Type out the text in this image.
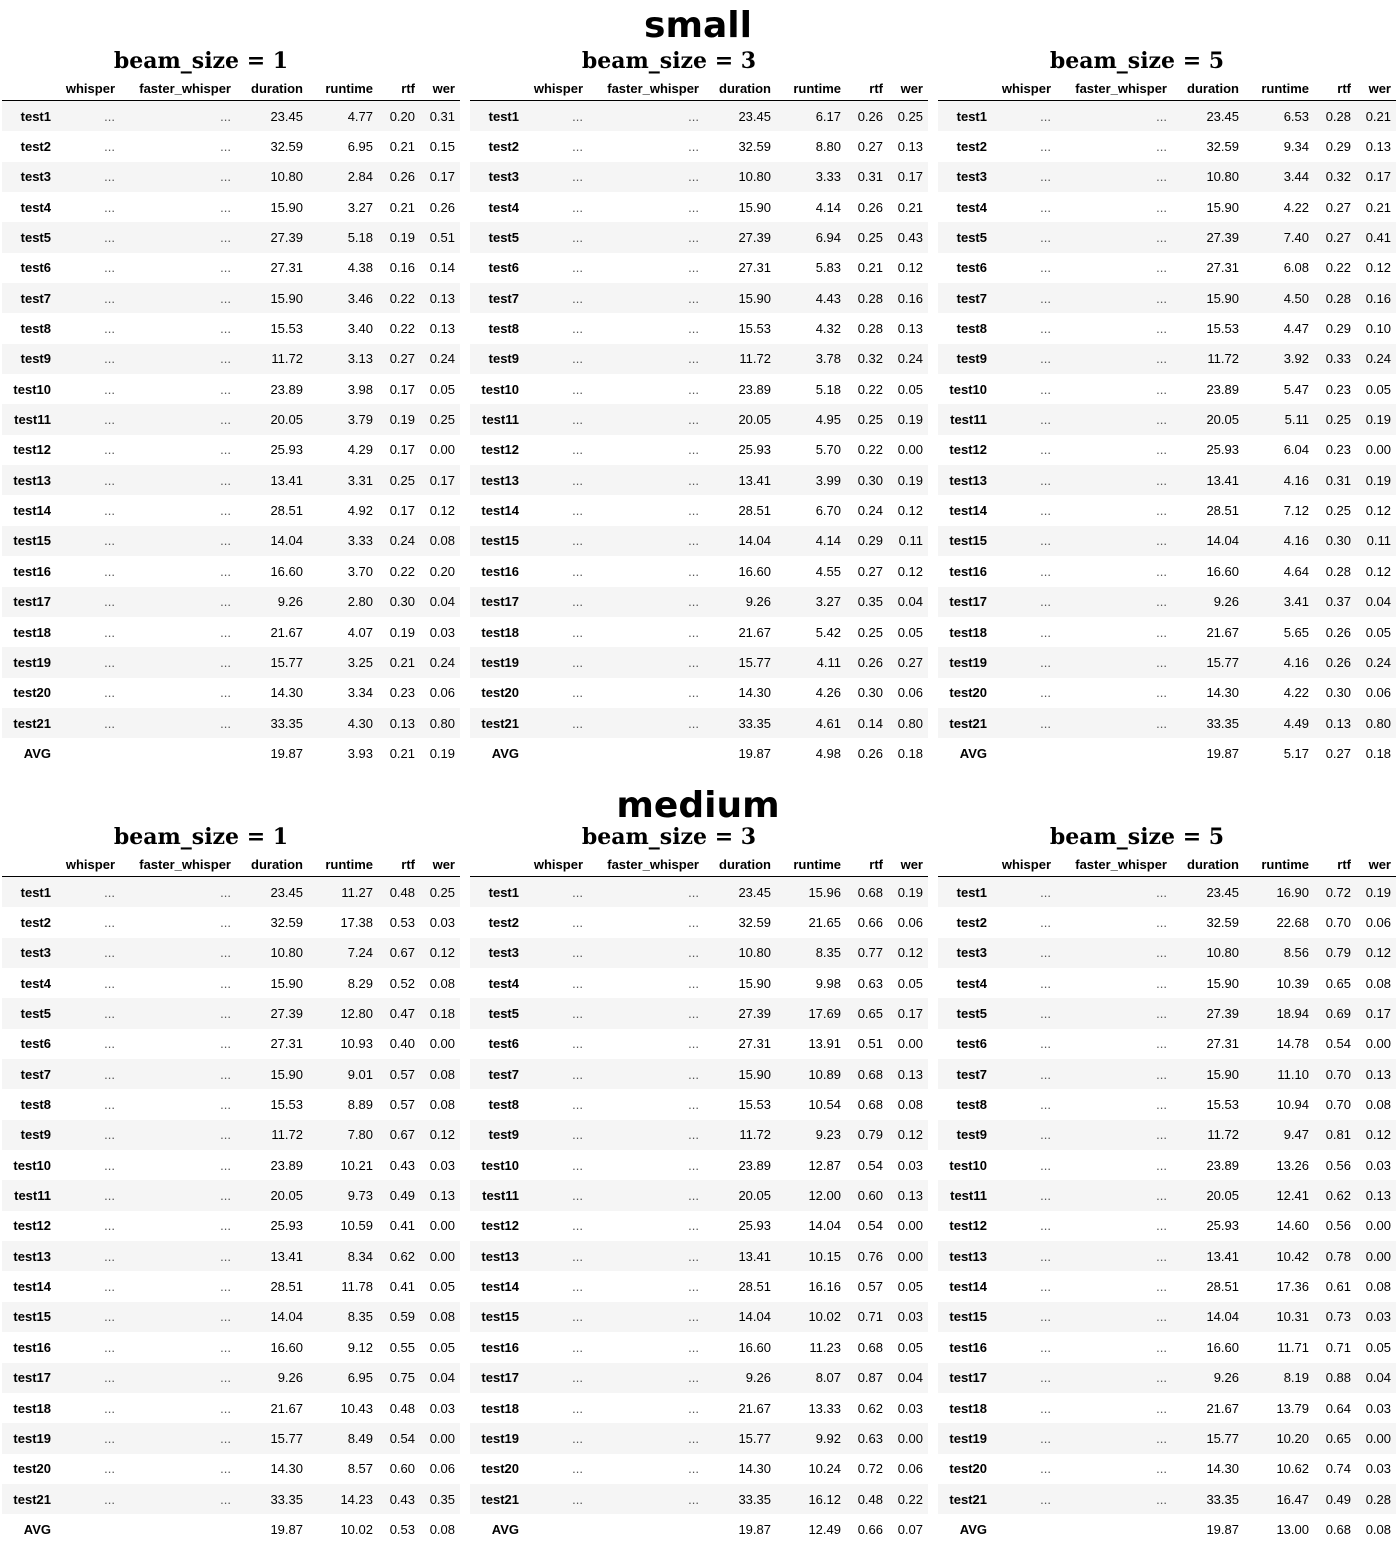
small
beam_size = 1
	whisper	faster_whisper	duration	runtime	rtf	wer
test1	...	...	23.45	4.77	0.20	0.31
test2	...	...	32.59	6.95	0.21	0.15
test3	...	...	10.80	2.84	0.26	0.17
test4	...	...	15.90	3.27	0.21	0.26
test5	...	...	27.39	5.18	0.19	0.51
test6	...	...	27.31	4.38	0.16	0.14
test7	...	...	15.90	3.46	0.22	0.13
test8	...	...	15.53	3.40	0.22	0.13
test9	...	...	11.72	3.13	0.27	0.24
test10	...	...	23.89	3.98	0.17	0.05
test11	...	...	20.05	3.79	0.19	0.25
test12	...	...	25.93	4.29	0.17	0.00
test13	...	...	13.41	3.31	0.25	0.17
test14	...	...	28.51	4.92	0.17	0.12
test15	...	...	14.04	3.33	0.24	0.08
test16	...	...	16.60	3.70	0.22	0.20
test17	...	...	9.26	2.80	0.30	0.04
test18	...	...	21.67	4.07	0.19	0.03
test19	...	...	15.77	3.25	0.21	0.24
test20	...	...	14.30	3.34	0.23	0.06
test21	...	...	33.35	4.30	0.13	0.80
AVG			19.87	3.93	0.21	0.19
beam_size = 3
	whisper	faster_whisper	duration	runtime	rtf	wer
test1	...	...	23.45	6.17	0.26	0.25
test2	...	...	32.59	8.80	0.27	0.13
test3	...	...	10.80	3.33	0.31	0.17
test4	...	...	15.90	4.14	0.26	0.21
test5	...	...	27.39	6.94	0.25	0.43
test6	...	...	27.31	5.83	0.21	0.12
test7	...	...	15.90	4.43	0.28	0.16
test8	...	...	15.53	4.32	0.28	0.13
test9	...	...	11.72	3.78	0.32	0.24
test10	...	...	23.89	5.18	0.22	0.05
test11	...	...	20.05	4.95	0.25	0.19
test12	...	...	25.93	5.70	0.22	0.00
test13	...	...	13.41	3.99	0.30	0.19
test14	...	...	28.51	6.70	0.24	0.12
test15	...	...	14.04	4.14	0.29	0.11
test16	...	...	16.60	4.55	0.27	0.12
test17	...	...	9.26	3.27	0.35	0.04
test18	...	...	21.67	5.42	0.25	0.05
test19	...	...	15.77	4.11	0.26	0.27
test20	...	...	14.30	4.26	0.30	0.06
test21	...	...	33.35	4.61	0.14	0.80
AVG			19.87	4.98	0.26	0.18
beam_size = 5
	whisper	faster_whisper	duration	runtime	rtf	wer
test1	...	...	23.45	6.53	0.28	0.21
test2	...	...	32.59	9.34	0.29	0.13
test3	...	...	10.80	3.44	0.32	0.17
test4	...	...	15.90	4.22	0.27	0.21
test5	...	...	27.39	7.40	0.27	0.41
test6	...	...	27.31	6.08	0.22	0.12
test7	...	...	15.90	4.50	0.28	0.16
test8	...	...	15.53	4.47	0.29	0.10
test9	...	...	11.72	3.92	0.33	0.24
test10	...	...	23.89	5.47	0.23	0.05
test11	...	...	20.05	5.11	0.25	0.19
test12	...	...	25.93	6.04	0.23	0.00
test13	...	...	13.41	4.16	0.31	0.19
test14	...	...	28.51	7.12	0.25	0.12
test15	...	...	14.04	4.16	0.30	0.11
test16	...	...	16.60	4.64	0.28	0.12
test17	...	...	9.26	3.41	0.37	0.04
test18	...	...	21.67	5.65	0.26	0.05
test19	...	...	15.77	4.16	0.26	0.24
test20	...	...	14.30	4.22	0.30	0.06
test21	...	...	33.35	4.49	0.13	0.80
AVG			19.87	5.17	0.27	0.18
medium
beam_size = 1
	whisper	faster_whisper	duration	runtime	rtf	wer
test1	...	...	23.45	11.27	0.48	0.25
test2	...	...	32.59	17.38	0.53	0.03
test3	...	...	10.80	7.24	0.67	0.12
test4	...	...	15.90	8.29	0.52	0.08
test5	...	...	27.39	12.80	0.47	0.18
test6	...	...	27.31	10.93	0.40	0.00
test7	...	...	15.90	9.01	0.57	0.08
test8	...	...	15.53	8.89	0.57	0.08
test9	...	...	11.72	7.80	0.67	0.12
test10	...	...	23.89	10.21	0.43	0.03
test11	...	...	20.05	9.73	0.49	0.13
test12	...	...	25.93	10.59	0.41	0.00
test13	...	...	13.41	8.34	0.62	0.00
test14	...	...	28.51	11.78	0.41	0.05
test15	...	...	14.04	8.35	0.59	0.08
test16	...	...	16.60	9.12	0.55	0.05
test17	...	...	9.26	6.95	0.75	0.04
test18	...	...	21.67	10.43	0.48	0.03
test19	...	...	15.77	8.49	0.54	0.00
test20	...	...	14.30	8.57	0.60	0.06
test21	...	...	33.35	14.23	0.43	0.35
AVG			19.87	10.02	0.53	0.08
beam_size = 3
	whisper	faster_whisper	duration	runtime	rtf	wer
test1	...	...	23.45	15.96	0.68	0.19
test2	...	...	32.59	21.65	0.66	0.06
test3	...	...	10.80	8.35	0.77	0.12
test4	...	...	15.90	9.98	0.63	0.05
test5	...	...	27.39	17.69	0.65	0.17
test6	...	...	27.31	13.91	0.51	0.00
test7	...	...	15.90	10.89	0.68	0.13
test8	...	...	15.53	10.54	0.68	0.08
test9	...	...	11.72	9.23	0.79	0.12
test10	...	...	23.89	12.87	0.54	0.03
test11	...	...	20.05	12.00	0.60	0.13
test12	...	...	25.93	14.04	0.54	0.00
test13	...	...	13.41	10.15	0.76	0.00
test14	...	...	28.51	16.16	0.57	0.05
test15	...	...	14.04	10.02	0.71	0.03
test16	...	...	16.60	11.23	0.68	0.05
test17	...	...	9.26	8.07	0.87	0.04
test18	...	...	21.67	13.33	0.62	0.03
test19	...	...	15.77	9.92	0.63	0.00
test20	...	...	14.30	10.24	0.72	0.06
test21	...	...	33.35	16.12	0.48	0.22
AVG			19.87	12.49	0.66	0.07
beam_size = 5
	whisper	faster_whisper	duration	runtime	rtf	wer
test1	...	...	23.45	16.90	0.72	0.19
test2	...	...	32.59	22.68	0.70	0.06
test3	...	...	10.80	8.56	0.79	0.12
test4	...	...	15.90	10.39	0.65	0.08
test5	...	...	27.39	18.94	0.69	0.17
test6	...	...	27.31	14.78	0.54	0.00
test7	...	...	15.90	11.10	0.70	0.13
test8	...	...	15.53	10.94	0.70	0.08
test9	...	...	11.72	9.47	0.81	0.12
test10	...	...	23.89	13.26	0.56	0.03
test11	...	...	20.05	12.41	0.62	0.13
test12	...	...	25.93	14.60	0.56	0.00
test13	...	...	13.41	10.42	0.78	0.00
test14	...	...	28.51	17.36	0.61	0.08
test15	...	...	14.04	10.31	0.73	0.03
test16	...	...	16.60	11.71	0.71	0.05
test17	...	...	9.26	8.19	0.88	0.04
test18	...	...	21.67	13.79	0.64	0.03
test19	...	...	15.77	10.20	0.65	0.00
test20	...	...	14.30	10.62	0.74	0.03
test21	...	...	33.35	16.47	0.49	0.28
AVG			19.87	13.00	0.68	0.08
